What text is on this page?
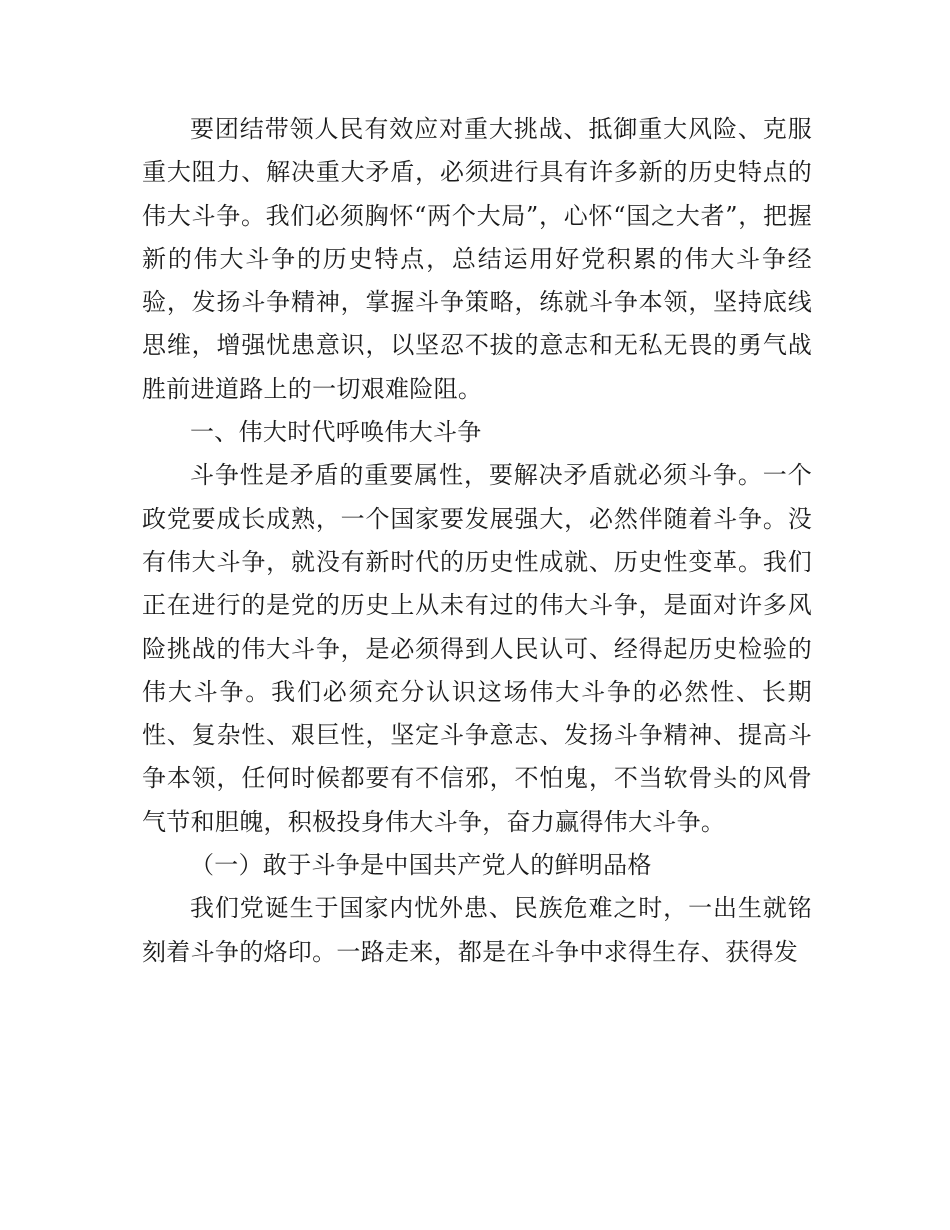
要团结带领人民有效应对重大挑战、抵御重大风险、克服重大阻力、解决重大矛盾，必须进行具有许多新的历史特点的伟大斗争。我们必须胸怀“两个大局”，心怀“国之大者”，把握新的伟大斗争的历史特点，总结运用好党积累的伟大斗争经验，发扬斗争精神，掌握斗争策略，练就斗争本领，坚持底线思维，增强忧患意识，以坚忍不拔的意志和无私无畏的勇气战胜前进道路上的一切艰难险阻。

一、伟大时代呼唤伟大斗争

斗争性是矛盾的重要属性，要解决矛盾就必须斗争。一个政党要成长成熟，一个国家要发展强大，必然伴随着斗争。没有伟大斗争，就没有新时代的历史性成就、历史性变革。我们正在进行的是党的历史上从未有过的伟大斗争，是面对许多风险挑战的伟大斗争，是必须得到人民认可、经得起历史检验的伟大斗争。我们必须充分认识这场伟大斗争的必然性、长期性、复杂性、艰巨性，坚定斗争意志、发扬斗争精神、提高斗争本领，任何时候都要有不信邪，不怕鬼，不当软骨头的风骨气节和胆魄，积极投身伟大斗争，奋力赢得伟大斗争。

（一）敢于斗争是中国共产党人的鲜明品格

我们党诞生于国家内忧外患、民族危难之时，一出生就铭刻着斗争的烙印。一路走来，都是在斗争中求得生存、获得发
